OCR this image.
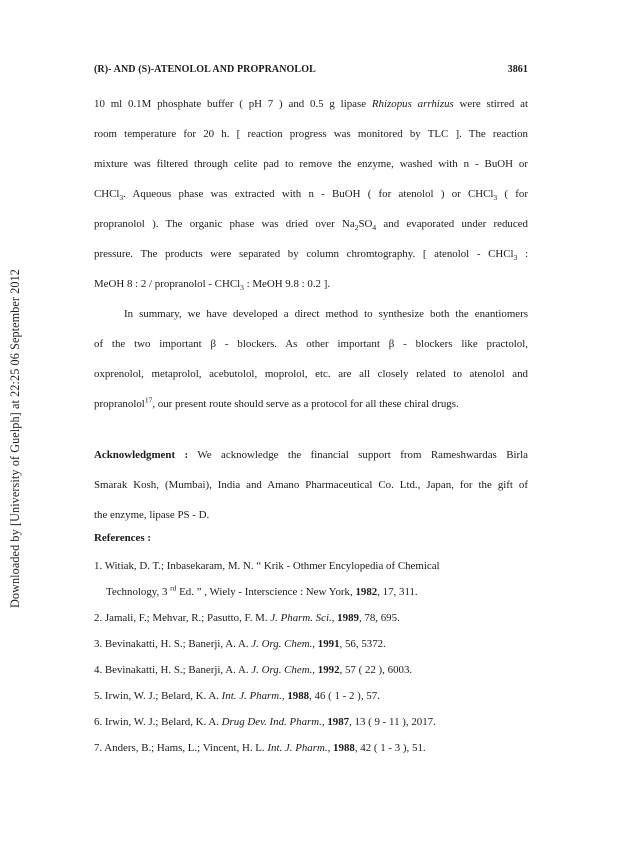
Downloaded by [University of Guelph] at 22:25 06 September 2012
(R)- AND (S)-ATENOLOL AND PROPRANOLOL	3861
10 ml 0.1M phosphate buffer ( pH 7 ) and 0.5 g lipase Rhizopus arrhizus were stirred at
room temperature for 20 h. [ reaction progress was monitored by TLC ]. The reaction
mixture was filtered through celite pad to remove the enzyme, washed with n - BuOH or
CHCl$_3$. Aqueous phase was extracted with n - BuOH ( for atenolol ) or CHCl$_3$ ( for
propranolol ). The organic phase was dried over $Na_2SO_4$ and evaporated under reduced
pressure. The products were separated by column chromtography. [ atenolol - CHCl$_3$ :
MeOH 8 : 2 / propranolol - CHCl$_3$ : MeOH 9.8 : 0.2 ].
In summary, we have developed a direct method to synthesize both the enantiomers
of the two important β - blockers. As other important β - blockers like practolol,
oxprenolol, metaprolol, acebutolol, moprolol, etc. are all closely related to atenolol and
propranolol$^{17}$, our present route should serve as a protocol for all these chiral drugs.
Acknowledgment : We acknowledge the financial support from Rameshwardas Birla
Smarak Kosh, (Mumbai), India and Amano Pharmaceutical Co. Ltd., Japan, for the gift of
the enzyme, lipase PS - D.
References :
1. Witiak, D. T.; Inbasekaram, M. N. “ Krik - Othmer Encylopedia of Chemical
Technology, 3 $^{rd}$ Ed. ” , Wiely - Interscience : New York, 1982, 17, 311.
2. Jamali, F.; Mehvar, R.; Pasutto, F. M. J. Pharm. Sci., 1989, 78, 695.
3. Bevinakatti, H. S.; Banerji, A. A. J. Org. Chem., 1991, 56, 5372.
4. Bevinakatti, H. S.; Banerji, A. A. J. Org. Chem., 1992, 57 ( 22 ), 6003.
5. Irwin, W. J.; Belard, K. A. Int. J. Pharm., 1988, 46 ( 1 - 2 ), 57.
6. Irwin, W. J.; Belard, K. A. Drug Dev. Ind. Pharm., 1987, 13 ( 9 - 11 ), 2017.
7. Anders, B.; Hams, L.; Vincent, H. L. Int. J. Pharm., 1988, 42 ( 1 - 3 ), 51.
